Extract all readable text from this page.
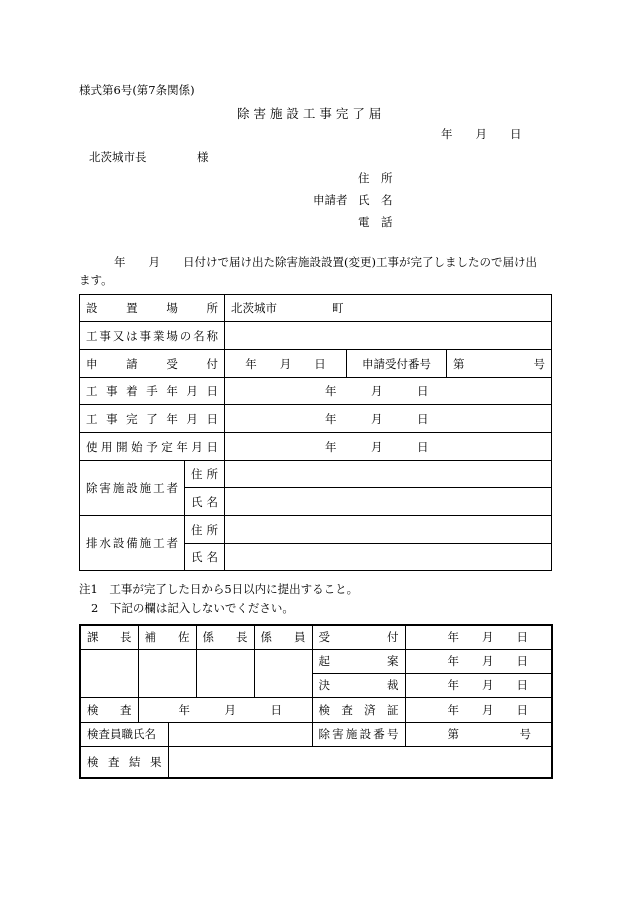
様式第6号(第7条関係)
除 害 施 設 工 事 完 了 届
年　　月　　日
北茨城市長	様
住　所
申請者 氏　名
電　話
年　　月　　日付けで届け出た除害施設設置(変更)工事が完了しましたので届け出
ます。
設置場所		北茨城市 町		

工事又は事業場の名称				

申請受付		年　　月　　日	申請受付番号	第 号

工事着手年月日		年　　　月　　　日		

工事完了年月日		年　　　月　　　日		

使用開始予定年月日		年　　　月　　　日		

除害施設施工者	住所			

	氏名			

排水設備施工者	住所			

	氏名			

注1　工事が完了した日から5日以内に提出すること。
2　下記の欄は記入しないでください。
課長	補佐		係長	係員	受付	年　　月　　日

					起案	年　　月　　日

					決裁	年　　月　　日

検査	年　　　月　　　日				検査済証	年　　月　　日
検査員職氏名					除害施設番号	第 号

検査結果						
